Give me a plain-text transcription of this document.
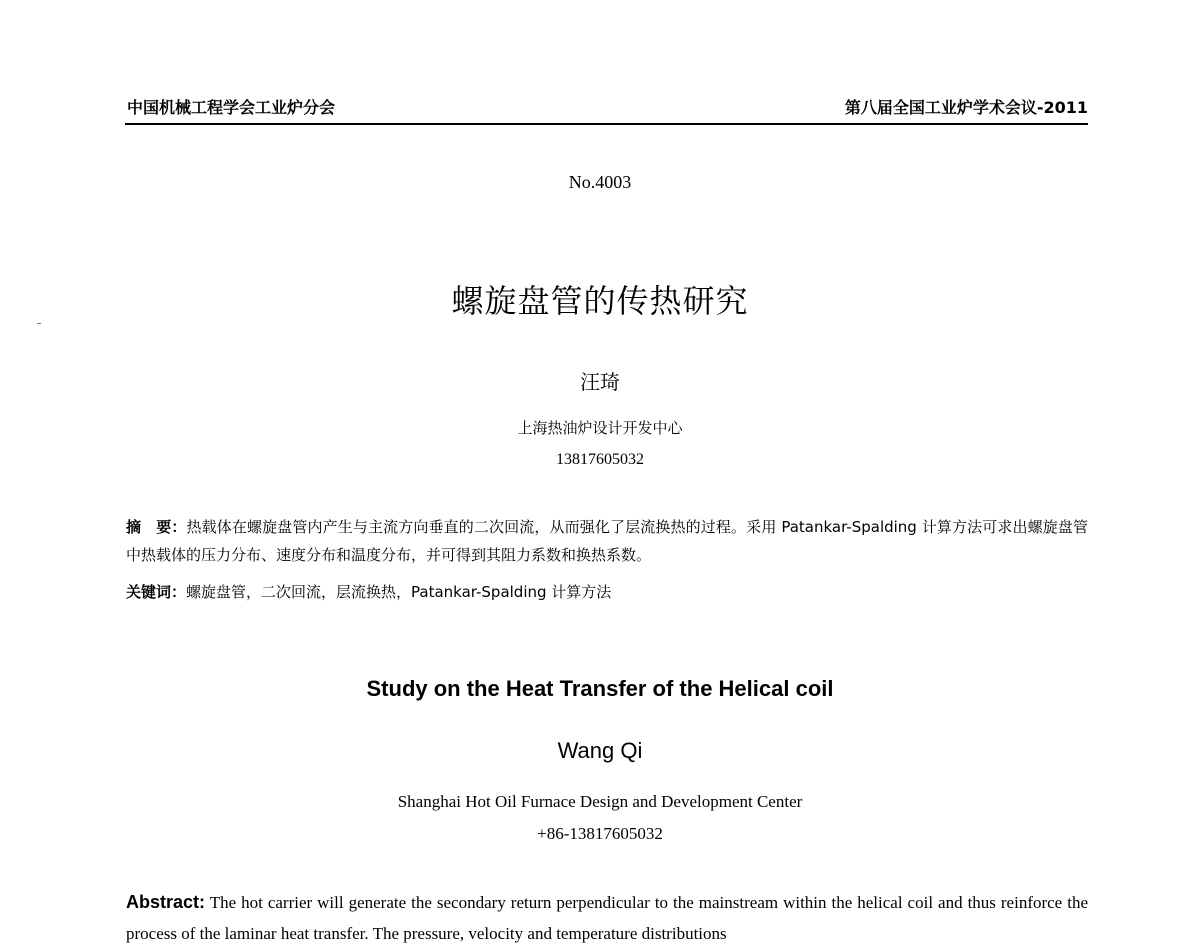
中国机械工程学会工业炉分会	第八届全国工业炉学术会议-2011
No.4003
螺旋盘管的传热研究
汪琦
上海热油炉设计开发中心
13817605032
摘　要：热载体在螺旋盘管内产生与主流方向垂直的二次回流，从而强化了层流换热的过程。采用 Patankar-Spalding 计算方法可求出螺旋盘管中热载体的压力分布、速度分布和温度分布，并可得到其阻力系数和换热系数。
关键词：螺旋盘管，二次回流，层流换热，Patankar-Spalding 计算方法
Study on the Heat Transfer of the Helical coil
Wang Qi
Shanghai Hot Oil Furnace Design and Development Center
+86-13817605032
Abstract: The hot carrier will generate the secondary return perpendicular to the mainstream within the helical coil and thus reinforce the process of the laminar heat transfer. The pressure, velocity and temperature distributions
